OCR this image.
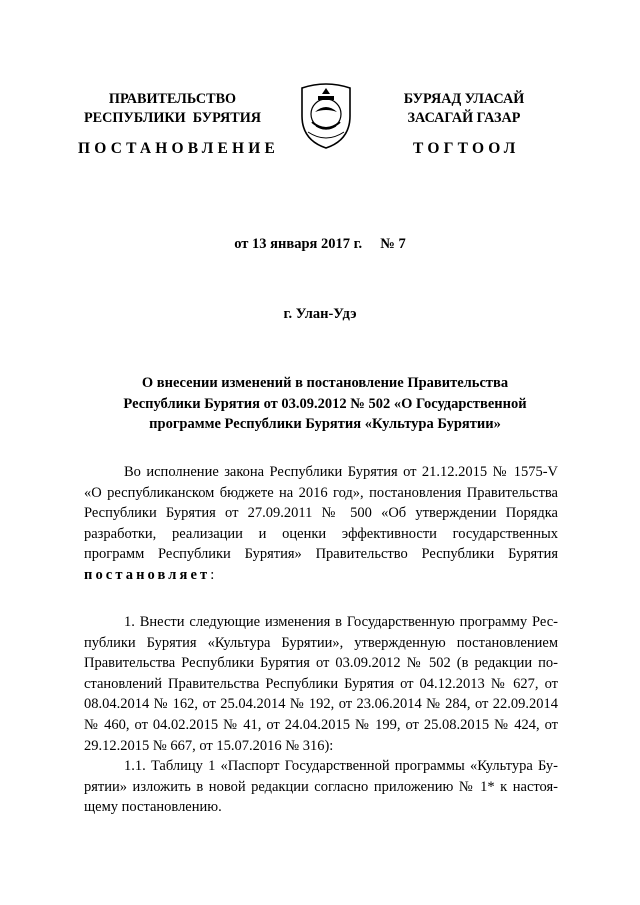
ПРАВИТЕЛЬСТВО
РЕСПУБЛИКИ  БУРЯТИЯ
БУРЯАД УЛАСАЙ
ЗАСАГАЙ ГАЗАР
ПОСТАНОВЛЕНИЕ	ТОГТООЛ
от 13 января 2017 г.     № 7
г. Улан-Удэ
О внесении изменений в постановление Правительства
Республики Бурятия от 03.09.2012 № 502 «О Государственной
программе Республики Бурятия «Культура Бурятии»

Во исполнение закона Республики Бурятия от 21.12.2015 № 1575-V «О республиканском бюджете на 2016 год», постановления Правительства Республики Бурятия от 27.09.2011 № 500 «Об утверждении Порядка разработки, реализации и оценки эффективности государственных программ Республики Бурятия» Правительство Республики Бурятия постановляет:

1. Внести следующие изменения в Государственную программу Рес-публики Бурятия «Культура Бурятии», утвержденную постановлением Правительства Республики Бурятия от 03.09.2012 № 502 (в редакции по-становлений Правительства Республики Бурятия от 04.12.2013 № 627, от 08.04.2014 № 162, от 25.04.2014 № 192, от 23.06.2014 № 284, от 22.09.2014 № 460, от 04.02.2015 № 41, от 24.04.2015 № 199, от 25.08.2015 № 424, от 29.12.2015 № 667, от 15.07.2016 № 316):

1.1. Таблицу 1 «Паспорт Государственной программы «Культура Бу-рятии» изложить в новой редакции согласно приложению № 1* к настоя-щему постановлению.
